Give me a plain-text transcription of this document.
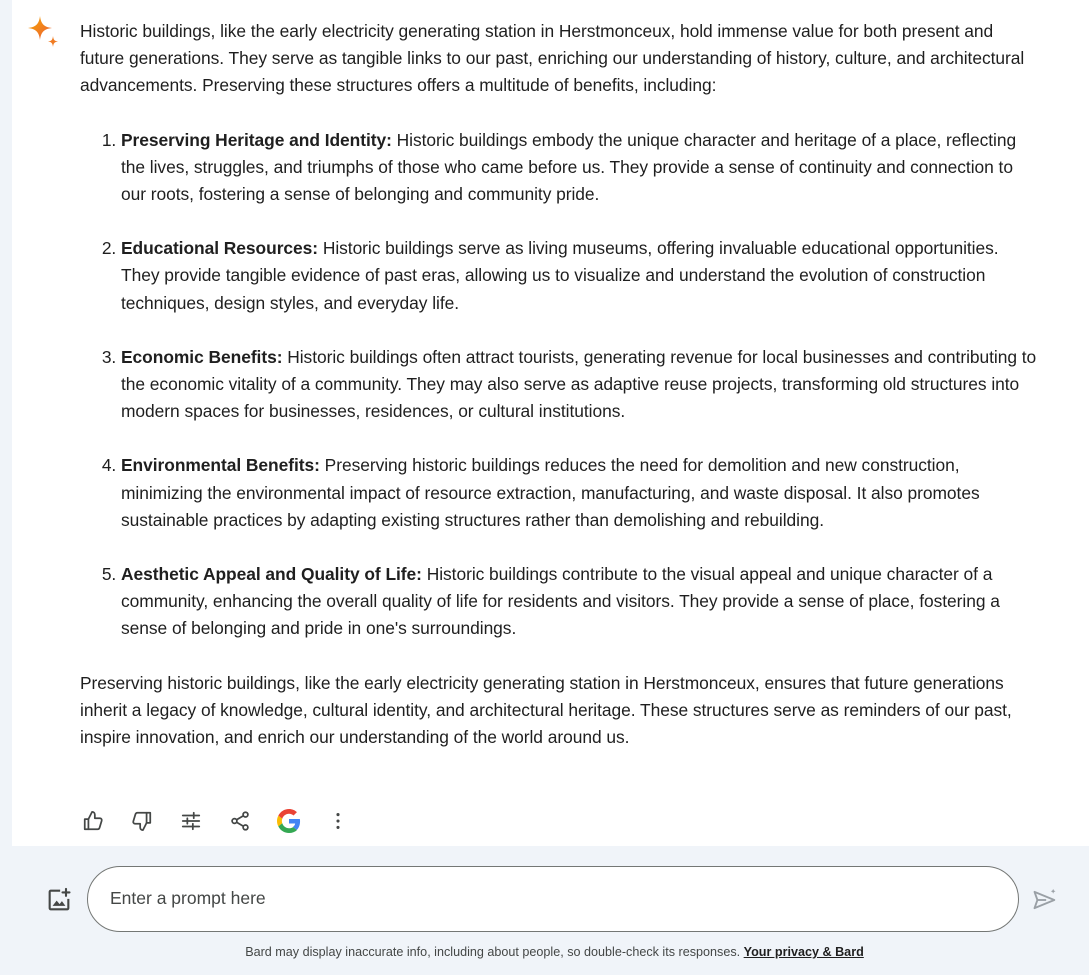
Historic buildings, like the early electricity generating station in Herstmonceux, hold immense value for both present and future generations. They serve as tangible links to our past, enriching our understanding of history, culture, and architectural advancements. Preserving these structures offers a multitude of benefits, including:

1. Preserving Heritage and Identity: Historic buildings embody the unique character and heritage of a place, reflecting the lives, struggles, and triumphs of those who came before us. They provide a sense of continuity and connection to our roots, fostering a sense of belonging and community pride.
2. Educational Resources: Historic buildings serve as living museums, offering invaluable educational opportunities. They provide tangible evidence of past eras, allowing us to visualize and understand the evolution of construction techniques, design styles, and everyday life.
3. Economic Benefits: Historic buildings often attract tourists, generating revenue for local businesses and contributing to the economic vitality of a community. They may also serve as adaptive reuse projects, transforming old structures into modern spaces for businesses, residences, or cultural institutions.
4. Environmental Benefits: Preserving historic buildings reduces the need for demolition and new construction, minimizing the environmental impact of resource extraction, manufacturing, and waste disposal. It also promotes sustainable practices by adapting existing structures rather than demolishing and rebuilding.
5. Aesthetic Appeal and Quality of Life: Historic buildings contribute to the visual appeal and unique character of a community, enhancing the overall quality of life for residents and visitors. They provide a sense of place, fostering a sense of belonging and pride in one's surroundings.

Preserving historic buildings, like the early electricity generating station in Herstmonceux, ensures that future generations inherit a legacy of knowledge, cultural identity, and architectural heritage. These structures serve as reminders of our past, inspire innovation, and enrich our understanding of the world around us.

Enter a prompt here
Bard may display inaccurate info, including about people, so double-check its responses. Your privacy & Bard
